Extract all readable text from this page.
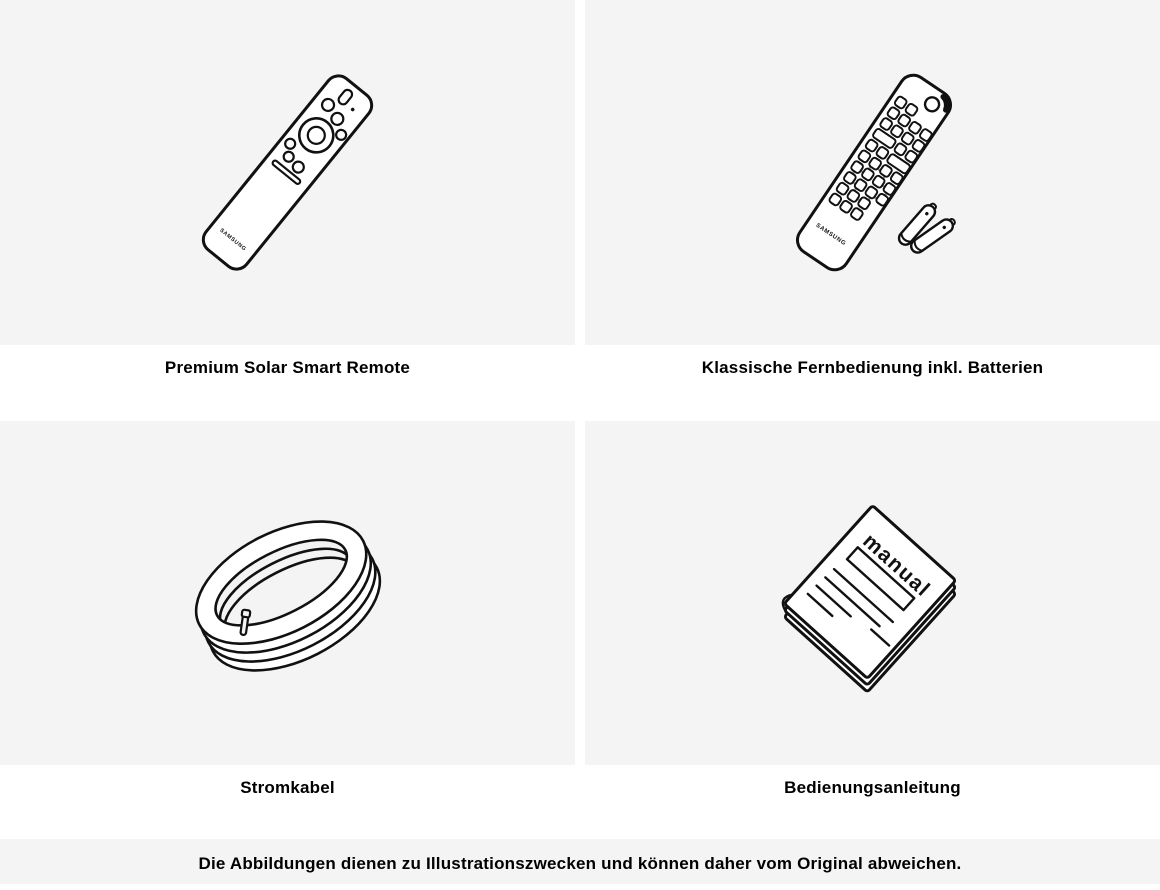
SAMSUNG
Premium Solar Smart Remote
SAMSUNG
Klassische Fernbedienung inkl. Batterien
Stromkabel
manual
Bedienungsanleitung
Die Abbildungen dienen zu Illustrationszwecken und können daher vom Original abweichen.
